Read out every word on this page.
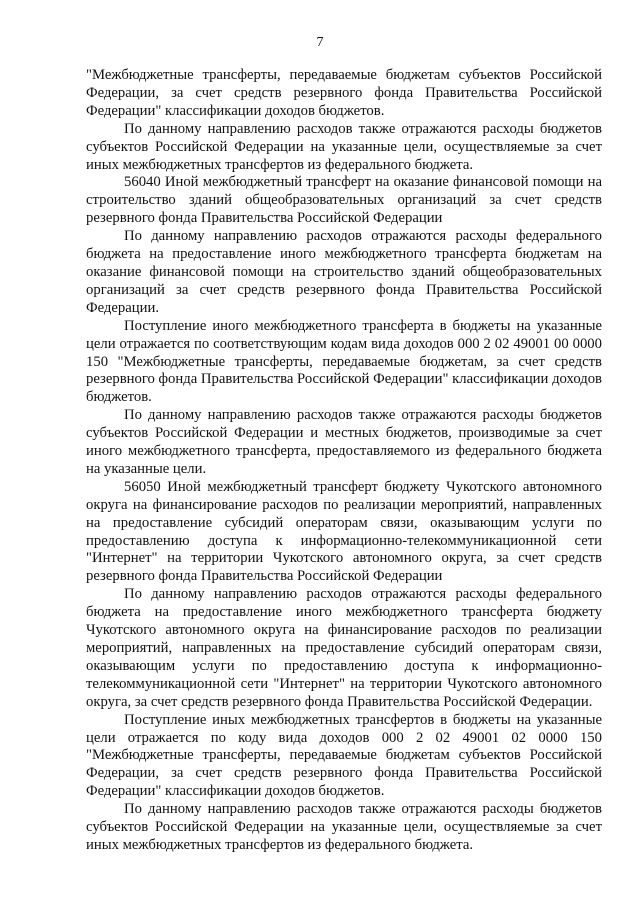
7

"Межбюджетные трансферты, передаваемые бюджетам субъектов Российской Федерации, за счет средств резервного фонда Правительства Российской Федерации" классификации доходов бюджетов.

По данному направлению расходов также отражаются расходы бюджетов субъектов Российской Федерации на указанные цели, осуществляемые за счет иных межбюджетных трансфертов из федерального бюджета.

56040 Иной межбюджетный трансферт на оказание финансовой помощи на строительство зданий общеобразовательных организаций за счет средств резервного фонда Правительства Российской Федерации

По данному направлению расходов отражаются расходы федерального бюджета на предоставление иного межбюджетного трансферта бюджетам на оказание финансовой помощи на строительство зданий общеобразовательных организаций за счет средств резервного фонда Правительства Российской Федерации.

Поступление иного межбюджетного трансферта в бюджеты на указанные цели отражается по соответствующим кодам вида доходов 000 2 02 49001 00 0000 150 "Межбюджетные трансферты, передаваемые бюджетам, за счет средств резервного фонда Правительства Российской Федерации" классификации доходов бюджетов.

По данному направлению расходов также отражаются расходы бюджетов субъектов Российской Федерации и местных бюджетов, производимые за счет иного межбюджетного трансферта, предоставляемого из федерального бюджета на указанные цели.

56050 Иной межбюджетный трансферт бюджету Чукотского автономного округа на финансирование расходов по реализации мероприятий, направленных на предоставление субсидий операторам связи, оказывающим услуги по предоставлению доступа к информационно-телекоммуникационной сети "Интернет" на территории Чукотского автономного округа, за счет средств резервного фонда Правительства Российской Федерации

По данному направлению расходов отражаются расходы федерального бюджета на предоставление иного межбюджетного трансферта бюджету Чукотского автономного округа на финансирование расходов по реализации мероприятий, направленных на предоставление субсидий операторам связи, оказывающим услуги по предоставлению доступа к информационно-телекоммуникационной сети "Интернет" на территории Чукотского автономного округа, за счет средств резервного фонда Правительства Российской Федерации.

Поступление иных межбюджетных трансфертов в бюджеты на указанные цели отражается по коду вида доходов 000 2 02 49001 02 0000 150 "Межбюджетные трансферты, передаваемые бюджетам субъектов Российской Федерации, за счет средств резервного фонда Правительства Российской Федерации" классификации доходов бюджетов.

По данному направлению расходов также отражаются расходы бюджетов субъектов Российской Федерации на указанные цели, осуществляемые за счет иных межбюджетных трансфертов из федерального бюджета.
